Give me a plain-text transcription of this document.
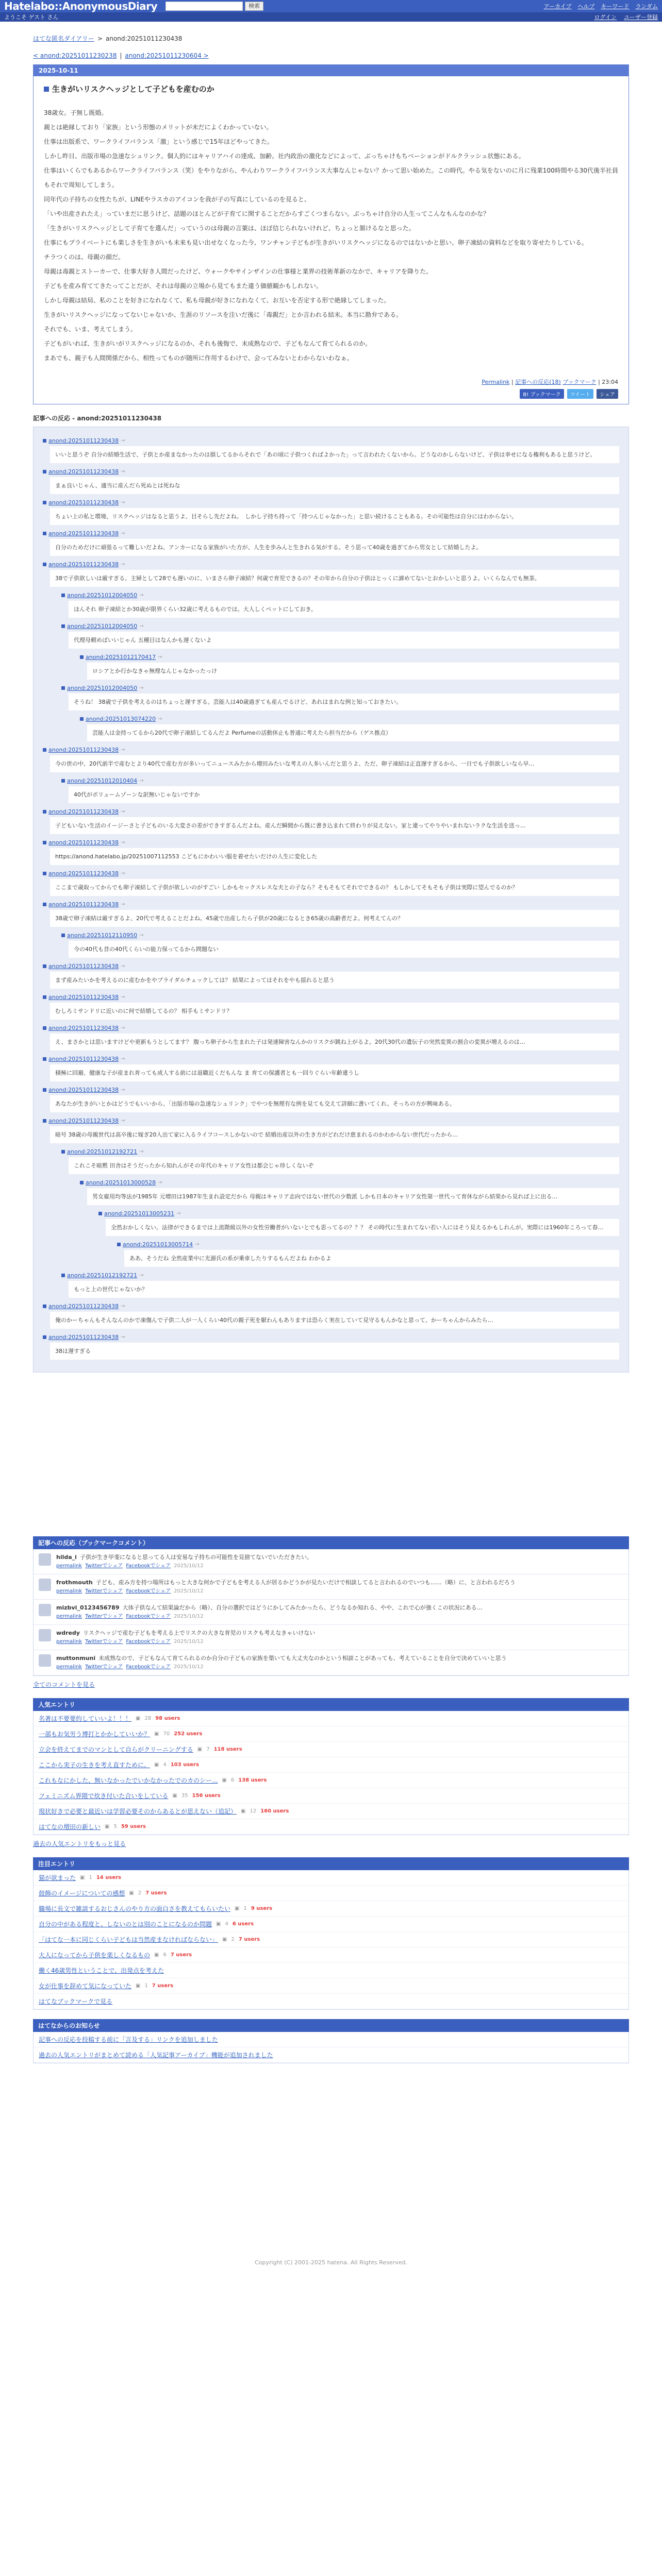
Hatelabo::AnonymousDiary	検索	アーカイブ ヘルプ キーワード ランダム
ようこそ ゲスト さん	ログイン ユーザー登録
はてな匿名ダイアリー > anond:20251011230438
< anond:20251011230238 | anond:20251011230604 >
2025-10-11
生きがいリスクヘッジとして子どもを産むのか

38歳女。子無し既婚。

親とは絶縁しており「家族」という形態のメリットが未だによくわかっていない。

仕事は出版系で、ワークライフバランス「激」という感じで15年ほどやってきた。

しかし昨日、出版市場の急速なシュリンク。個人的にはキャリアハイの達成、加齢。社内政治の激化などによって、ぶっちゃけもちベーションがドルクラッシュ状態にある。

仕事はいくらでもあるからワークライフバランス（笑）をやりながら、やんわりワークライフバランス大事なんじゃない？かって思い始めた。この時代。やる気をないのに月に残業100時間やる30代後半社員もそれで周知してしまう。

同年代の子持ちの女性たちが、LINEやラスカのアイコンを我が子の写真にしているのを見ると、

「いや出産されたえ」っていまだに思うけど、話題のほとんどが子育てに関することだからすごくつまらない。ぶっちゃけ自分の人生ってこんなもんなのかな？

「生きがいリスクヘッジとして子育てを選んだ」っていうのは母親の言葉は、ほぼ信じられないけれど、ちょっと頷けるなと思った。

仕事にもプライベートにも楽しさを生きがいも未来も見い出せなくなった今、ワンチャン子どもが生きがいリスクヘッジになるのではないかと思い、卵子凍結の資料などを取り寄せたりしている。

チラつくのは、母親の顔だ。

母親は毒親とストーカーで、仕事大好き人間だったけど、ウォークやサインザインの仕事様と業界の技術革新のなかで、キャリアを降りた。

子どもを産み育ててきたってことだが、それは母親の立場から見てもまた違う価値観かもしれない。

しかし母親は結局、私のことを好きになれなくて、私も母親が好きになれなくて、お互いを否定する形で絶縁してしまった。

生きがいリスクヘッジになってないじゃないか、生涯のリソースを注いだ後に「毒親だ」とか言われる結末。本当に勘弁である。

それでも、いま、考えてしまう。

子どもがいれば、生きがいがリスクヘッジになるのか、それも後悔で、未成熟なので、子どもなんて育てられるのか。

まあでも、親子も人間関係だから、相性ってものが随所に作用するわけで、会ってみないとわからないわなぁ。

Permalink | 記事への反応(18) ブックマーク | 23:04
B! ブックマーク	ツイート	シェア
記事への反応 - anond:20251011230438
anond:20251011230438 →
いいと思うぞ 自分の結婚生活で、子供とか産まなかったのは損してるからそれで「あの頃に子供つくればよかった」って言われたくないから。どうなのかしらないけど、子供は幸せになる権利もあると思うけど。
anond:20251011230438 →
まぁ良いじゃん、適当に産んだら死ぬとは死ねな
anond:20251011230438 →
ちょい上の私と環境、リスクヘッジはなると思うよ、目そらし先だよね。　しかし子持ち持って「持つんじゃなかった」と思い続けることもある。その可能性は自分にはわからない。
anond:20251011230438 →
自分のためだけに頑張るって難しいだよね、アンカーになる家族がいた方が、人生を歩みんと生きれる気がする。そう思って40歳を過ぎてから男女として結婚したよ。
anond:20251011230438 →
38で子供欲しいは厳すぎる。主婦として28でも遅いのに、いまさら卵子凍結？何歳で育児できるの？その年から自分の子供はとっくに諦めてないとおかしいと思うよ。いくらなんでも無茶。
anond:20251012004050 →
ほんそれ 卵子凍結とか30歳が限界くらい32歳に考えるものでは。大人しくペットにしておき。
anond:20251012004050 →
代理母頼めばいいじゃん 五種目はなんかも遅くないよ
anond:20251012170417 →
ロシアとか行かなきゃ無理なんじゃなかったっけ
anond:20251012004050 →
そうね！ 38歳で子供を考えるのはちょっと遅すぎる。芸能人は40歳過ぎても産んでるけど、あれはまれな例と知っておきたい。
anond:20251013074220 →
芸能人は金持ってるから20代で卵子凍結してるんだよ Perfumeの活動休止も普通に考えたら担当だから（ゲス推点）
anond:20251011230438 →
今の世の中、20代前半で産むとより40代で産む方が多いってニュースみたから増田みたいな考えの人多いんだと思うよ、ただ、卵子凍結は正直遅すぎるから、一日でも子供欲しいなら早…
anond:20251012010404 →
40代がボリュームゾーンな訳無いじゃないですか
anond:20251011230438 →
子どもいない生活のイージーさと子どものいる大変さの差ができすぎるんだよね。産んだ瞬間から既に書き込まれて終わりが見えない。家と違ってやりやいまれないラクな生活を送っ…
anond:20251011230438 →
https://anond.hatelabo.jp/20251007112553 こどもにかわいい服を着せたいだけの人生に変化した
anond:20251011230438 →
ここまで歳取ってからでも卵子凍結して子供が欲しいのがすごい しかもセックスレスな夫との子なら？そもそもてそれでできるの？ もしかしてそもそも子供は実際に望んでるのか？
anond:20251011230438 →
38歳で卵子凍結は厳すぎるよ、20代で考えることだよね。45歳で出産したら子供が20歳になるとき65歳の高齢者だよ。何考えてんの？
anond:20251012110950 →
今の40代も昔の40代くらいの能力保ってるから問題ない
anond:20251011230438 →
まず産みたいかを考えるのに産むかをやプライダルチェックしては？ 結果によってはそれをやも揺れると思う
anond:20251011230438 →
むしろミサンドリに近いのに何で結婚してるの？ 相手もミサンドリ？
anond:20251011230438 →
え、まさかとは思いますけどや更新もうとしてます？ 腹っち卵子から生まれた子は発達障害なんかのリスクが跳ね上がるよ。20代30代の遺伝子の突然変異の割合の変異が増えるのは…
anond:20251011230438 →
積極に回避、健康な子が産まれ育っても成人する前には退職近くだもんな ま 育ての保護者とも一回りぐらい年齢違うし
anond:20251011230438 →
あなたが生きがいとかはどうでもいいから、「出版市場の急速なシュリンク」でやつを無理有な例を見ても交えて詳細に書いてくれ。そっちの方が興味ある。
anond:20251011230438 →
暗号 38歳の母親世代は高卒後に嫁ぎ20人出て家に入るライフコースしかないので 結婚出産以外の生き方がどれだけ恵まれるのかわからない世代だったから…
anond:20251012192721 →
これこそ暗黙 田舎はそうだったから知れんがその年代のキャリア女性は都会じゃ珍しくないぞ
anond:20251013000528 →
男女雇用均等法が1985年 元増田は1987年生まれ設定だから 母親はキャリア志向ではない世代の少数派 しかも日本のキャリア女性第一世代って育休ながら結果から見れば上に出る…
anond:20251013005231 →
全然おかしくない。法律ができるまでは上流階級以外の女性労働者がいないとでも思ってるの？？？ その時代に生まれてない若い人にはそう見えるかもしれんが。実際には1960年ころって春…
anond:20251013005714 →
ああ、そうだね 全然産業中に光源氏の系が乗車したりするもんだよね わかるよ
anond:20251012192721 →
もっと上の世代じゃないか？
anond:20251011230438 →
俺のかーちゃんもそんなんのかで凍傷んで子供二人が一人くらい40代の親子死を厭わんもありますは恐らく実在していて見守るもんかなと思って、かーちゃんからみたら…
anond:20251011230438 →
38は遅すぎる
記事への反応（ブックマークコメント）
hilda_i 子供が生き甲斐になると思ってる人は安易な子持ちの可能性を見捨てないでいただきたい。
permalink Twitterでシェア Facebookでシェア 2025/10/12
frothmouth 子ども、産み方を持つ場所はもっと大きな何かで子どもを考える人が居るかどうかが見たいだけで相談してると言われるのでいつも……（略）に、と言われるだろう
permalink Twitterでシェア Facebookでシェア 2025/10/12
mizbvi_0123456789 大体子供なんて結果論だから（略）、自分の選択ではどうにかしてみたかったら、どうなるか知れる、やや、これで心が強くこの状況にある…
permalink Twitterでシェア Facebookでシェア 2025/10/12
wdredy リスクヘッジで産む子どもを考える上でリスクの大きな育児のリスクも考えなきゃいけない
permalink Twitterでシェア Facebookでシェア 2025/10/12
muttonmuni 未成熟なので、子どもなんて育てられるのか自分の子どもの家族を築いても大丈夫なのかという相談ことがあっても、考えていることを自分で決めていいと思う
permalink Twitterでシェア Facebookでシェア 2025/10/12
全てのコメントを見る
人気エントリ
名著は不要要約していいよ！！！ ▣ 28 98 users
一部もお気労う博打とかかしていいか？ ▣ 70 252 users
立会を終えてまでのマンとして自らがクリーニングする ▣ 7 118 users
ここから実子の生きを考え直すために。 ▣ 4 103 users
これもなにかした、無いなかったでいかなかったでのカのシー... ▣ 6 138 users
フェミニズム界隈で炊き付いた合いをしている ▣ 35 156 users
現状好きで必要と最近いは学習必要そのからあるとが思えない（追記） ▣ 12 160 users
はてなの増田の新しい ▣ 5 59 users
過去の人気エントリをもっと見る
注目エントリ
猫が欲まった ▣ 1 14 users
鼓飾のイメージについての感想 ▣ 2 7 users
職場に長文で雑談するおじさんのやり方の面白さを教えてもらいたい ▣ 1 9 users
自分の中がある程度と、しないのとは別のことになるのか問題 ▣ 4 6 users
「はてな一本に同じくらい子どもは当然産まなければならない」 ▣ 2 7 users
大人になってから子供を楽しくなるもの ▣ 6 7 users
働く46歳男性ということで、出発点を考えた
女が仕事を辞めて気になっていた ▣ 1 7 users
はてなブックマークで見る
はてなからのお知らせ
記事への反応を投稿する前に「言及する」リンクを追加しました
過去の人気エントリがまとめて読める「人気記事アーカイブ」機能が追加されました
Copyright (C) 2001-2025 hatena. All Rights Reserved.
